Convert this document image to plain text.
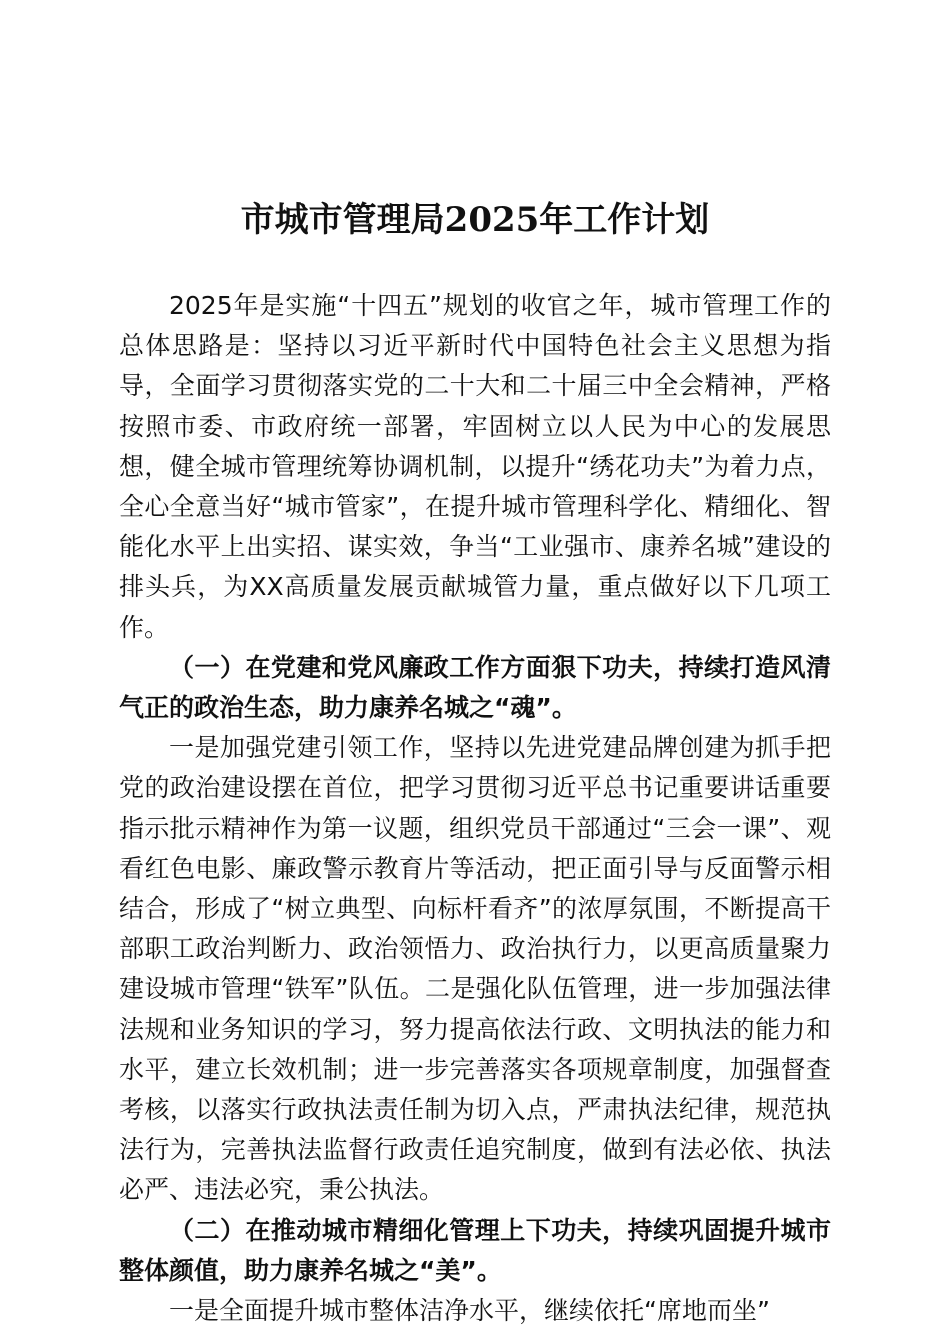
市城市管理局2025年工作计划

2025年是实施“十四五”规划的收官之年，城市管理工作的总体思路是：坚持以习近平新时代中国特色社会主义思想为指导，全面学习贯彻落实党的二十大和二十届三中全会精神，严格按照市委、市政府统一部署，牢固树立以人民为中心的发展思想，健全城市管理统筹协调机制，以提升“绣花功夫”为着力点，全心全意当好“城市管家”，在提升城市管理科学化、精细化、智能化水平上出实招、谋实效，争当“工业强市、康养名城”建设的排头兵，为XX高质量发展贡献城管力量，重点做好以下几项工作。

（一）在党建和党风廉政工作方面狠下功夫，持续打造风清气正的政治生态，助力康养名城之“魂”。

一是加强党建引领工作，坚持以先进党建品牌创建为抓手把党的政治建设摆在首位，把学习贯彻习近平总书记重要讲话重要指示批示精神作为第一议题，组织党员干部通过“三会一课”、观看红色电影、廉政警示教育片等活动，把正面引导与反面警示相结合，形成了“树立典型、向标杆看齐”的浓厚氛围，不断提高干部职工政治判断力、政治领悟力、政治执行力，以更高质量聚力建设城市管理“铁军”队伍。二是强化队伍管理，进一步加强法律法规和业务知识的学习，努力提高依法行政、文明执法的能力和水平，建立长效机制；进一步完善落实各项规章制度，加强督查考核，以落实行政执法责任制为切入点，严肃执法纪律，规范执法行为，完善执法监督行政责任追究制度，做到有法必依、执法必严、违法必究，秉公执法。

（二）在推动城市精细化管理上下功夫，持续巩固提升城市整体颜值，助力康养名城之“美”。

一是全面提升城市整体洁净水平，继续依托“席地而坐”
